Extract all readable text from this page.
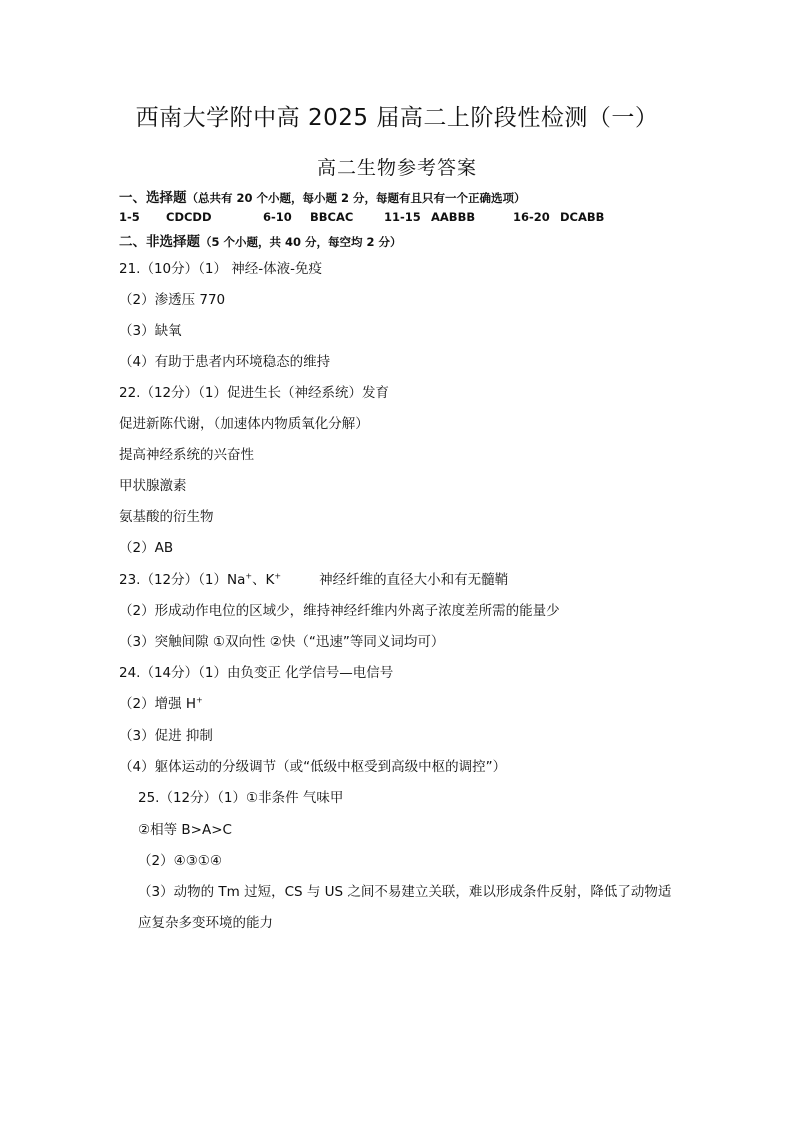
西南大学附中高 2025 届高二上阶段性检测（一）
高二生物参考答案
一、选择题（总共有 20 个小题，每小题 2 分，每题有且只有一个正确选项）
1-5 CDCDD	6-10 BBCAC	11-15 AABBB	16-20 DCABB
二、非选择题（5 个小题，共 40 分，每空均 2 分）
21.（10分）（1） 神经-体液-免疫
（2）渗透压 770
（3）缺氧
（4）有助于患者内环境稳态的维持
22.（12分）（1）促进生长（神经系统）发育
促进新陈代谢，（加速体内物质氧化分解）
提高神经系统的兴奋性
甲状腺激素
氨基酸的衍生物
（2）AB
23.（12分）（1）Na+、K+	神经纤维的直径大小和有无髓鞘
（2）形成动作电位的区域少，维持神经纤维内外离子浓度差所需的能量少
（3）突触间隙 ①双向性 ②快（“迅速”等同义词均可）
24.（14分）（1）由负变正 化学信号—电信号
（2）增强 H+
（3）促进 抑制
（4）躯体运动的分级调节（或“低级中枢受到高级中枢的调控”）
25.（12分）（1）①非条件 气味甲
②相等 B>A>C
（2）④③①④
（3）动物的 Tm 过短，CS 与 US 之间不易建立关联，难以形成条件反射，降低了动物适
应复杂多变环境的能力
